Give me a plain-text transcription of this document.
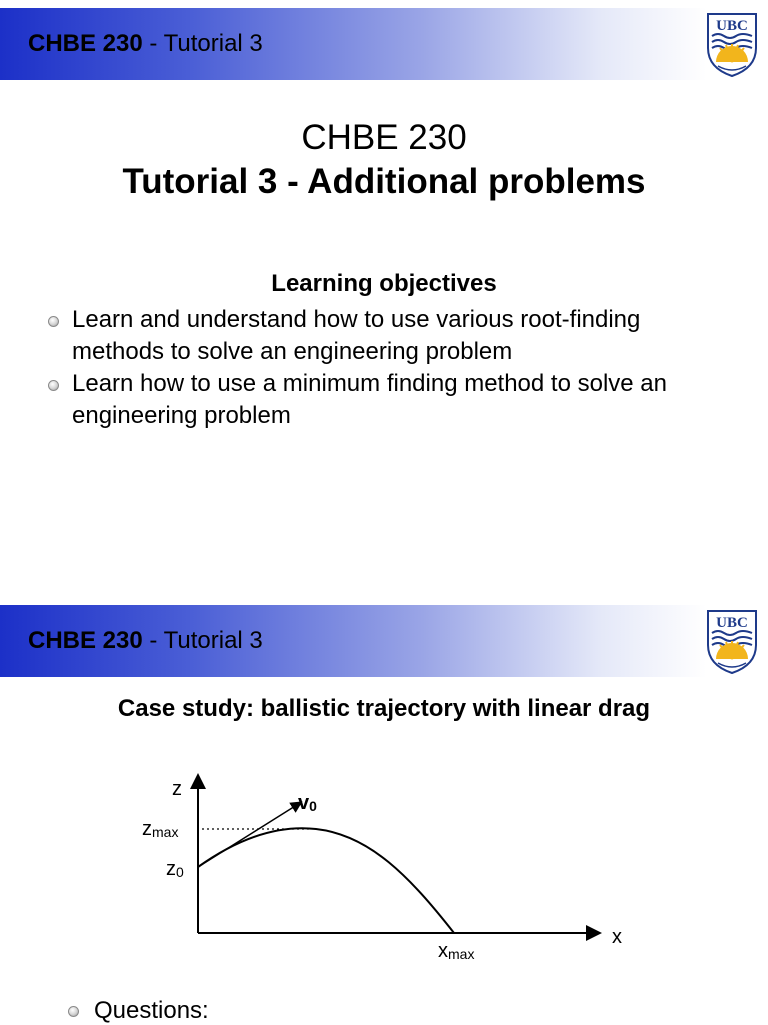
CHBE 230 - Tutorial 3
UBC
CHBE 230
Tutorial 3 - Additional problems
Learning objectives
Learn and understand how to use various root-finding methods to solve an engineering problem
Learn how to use a minimum finding method to solve an engineering problem
CHBE 230 - Tutorial 3
UBC
Case study: ballistic trajectory with linear drag
z
x
v0
zmax
z0
xmax
Questions:
